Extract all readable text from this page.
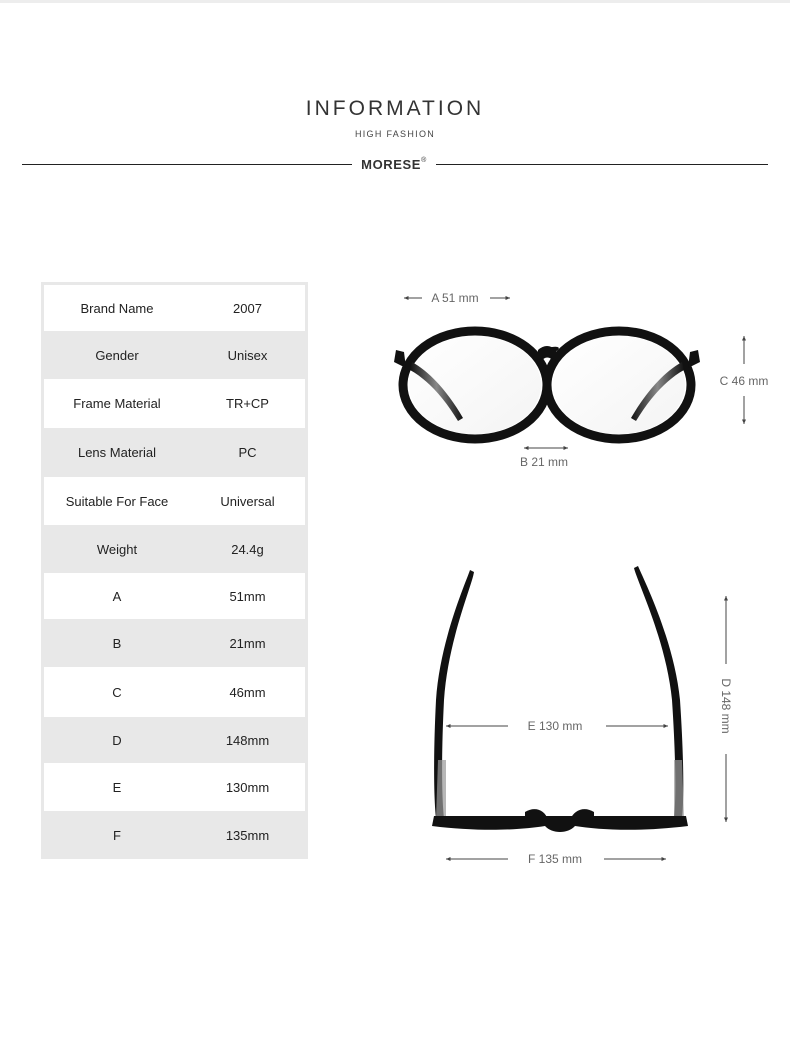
INFORMATION
HIGH FASHION
MORESE®
Brand Name	2007
Gender	Unisex
Frame Material	TR+CP
Lens Material	PC
Suitable For Face	Universal
Weight	24.4g
A	51mm
B	21mm
C	46mm
D	148mm
E	130mm
F	135mm
A 51 mm
B 21 mm
C 46 mm
D 148 mm
E 130 mm
F 135 mm
